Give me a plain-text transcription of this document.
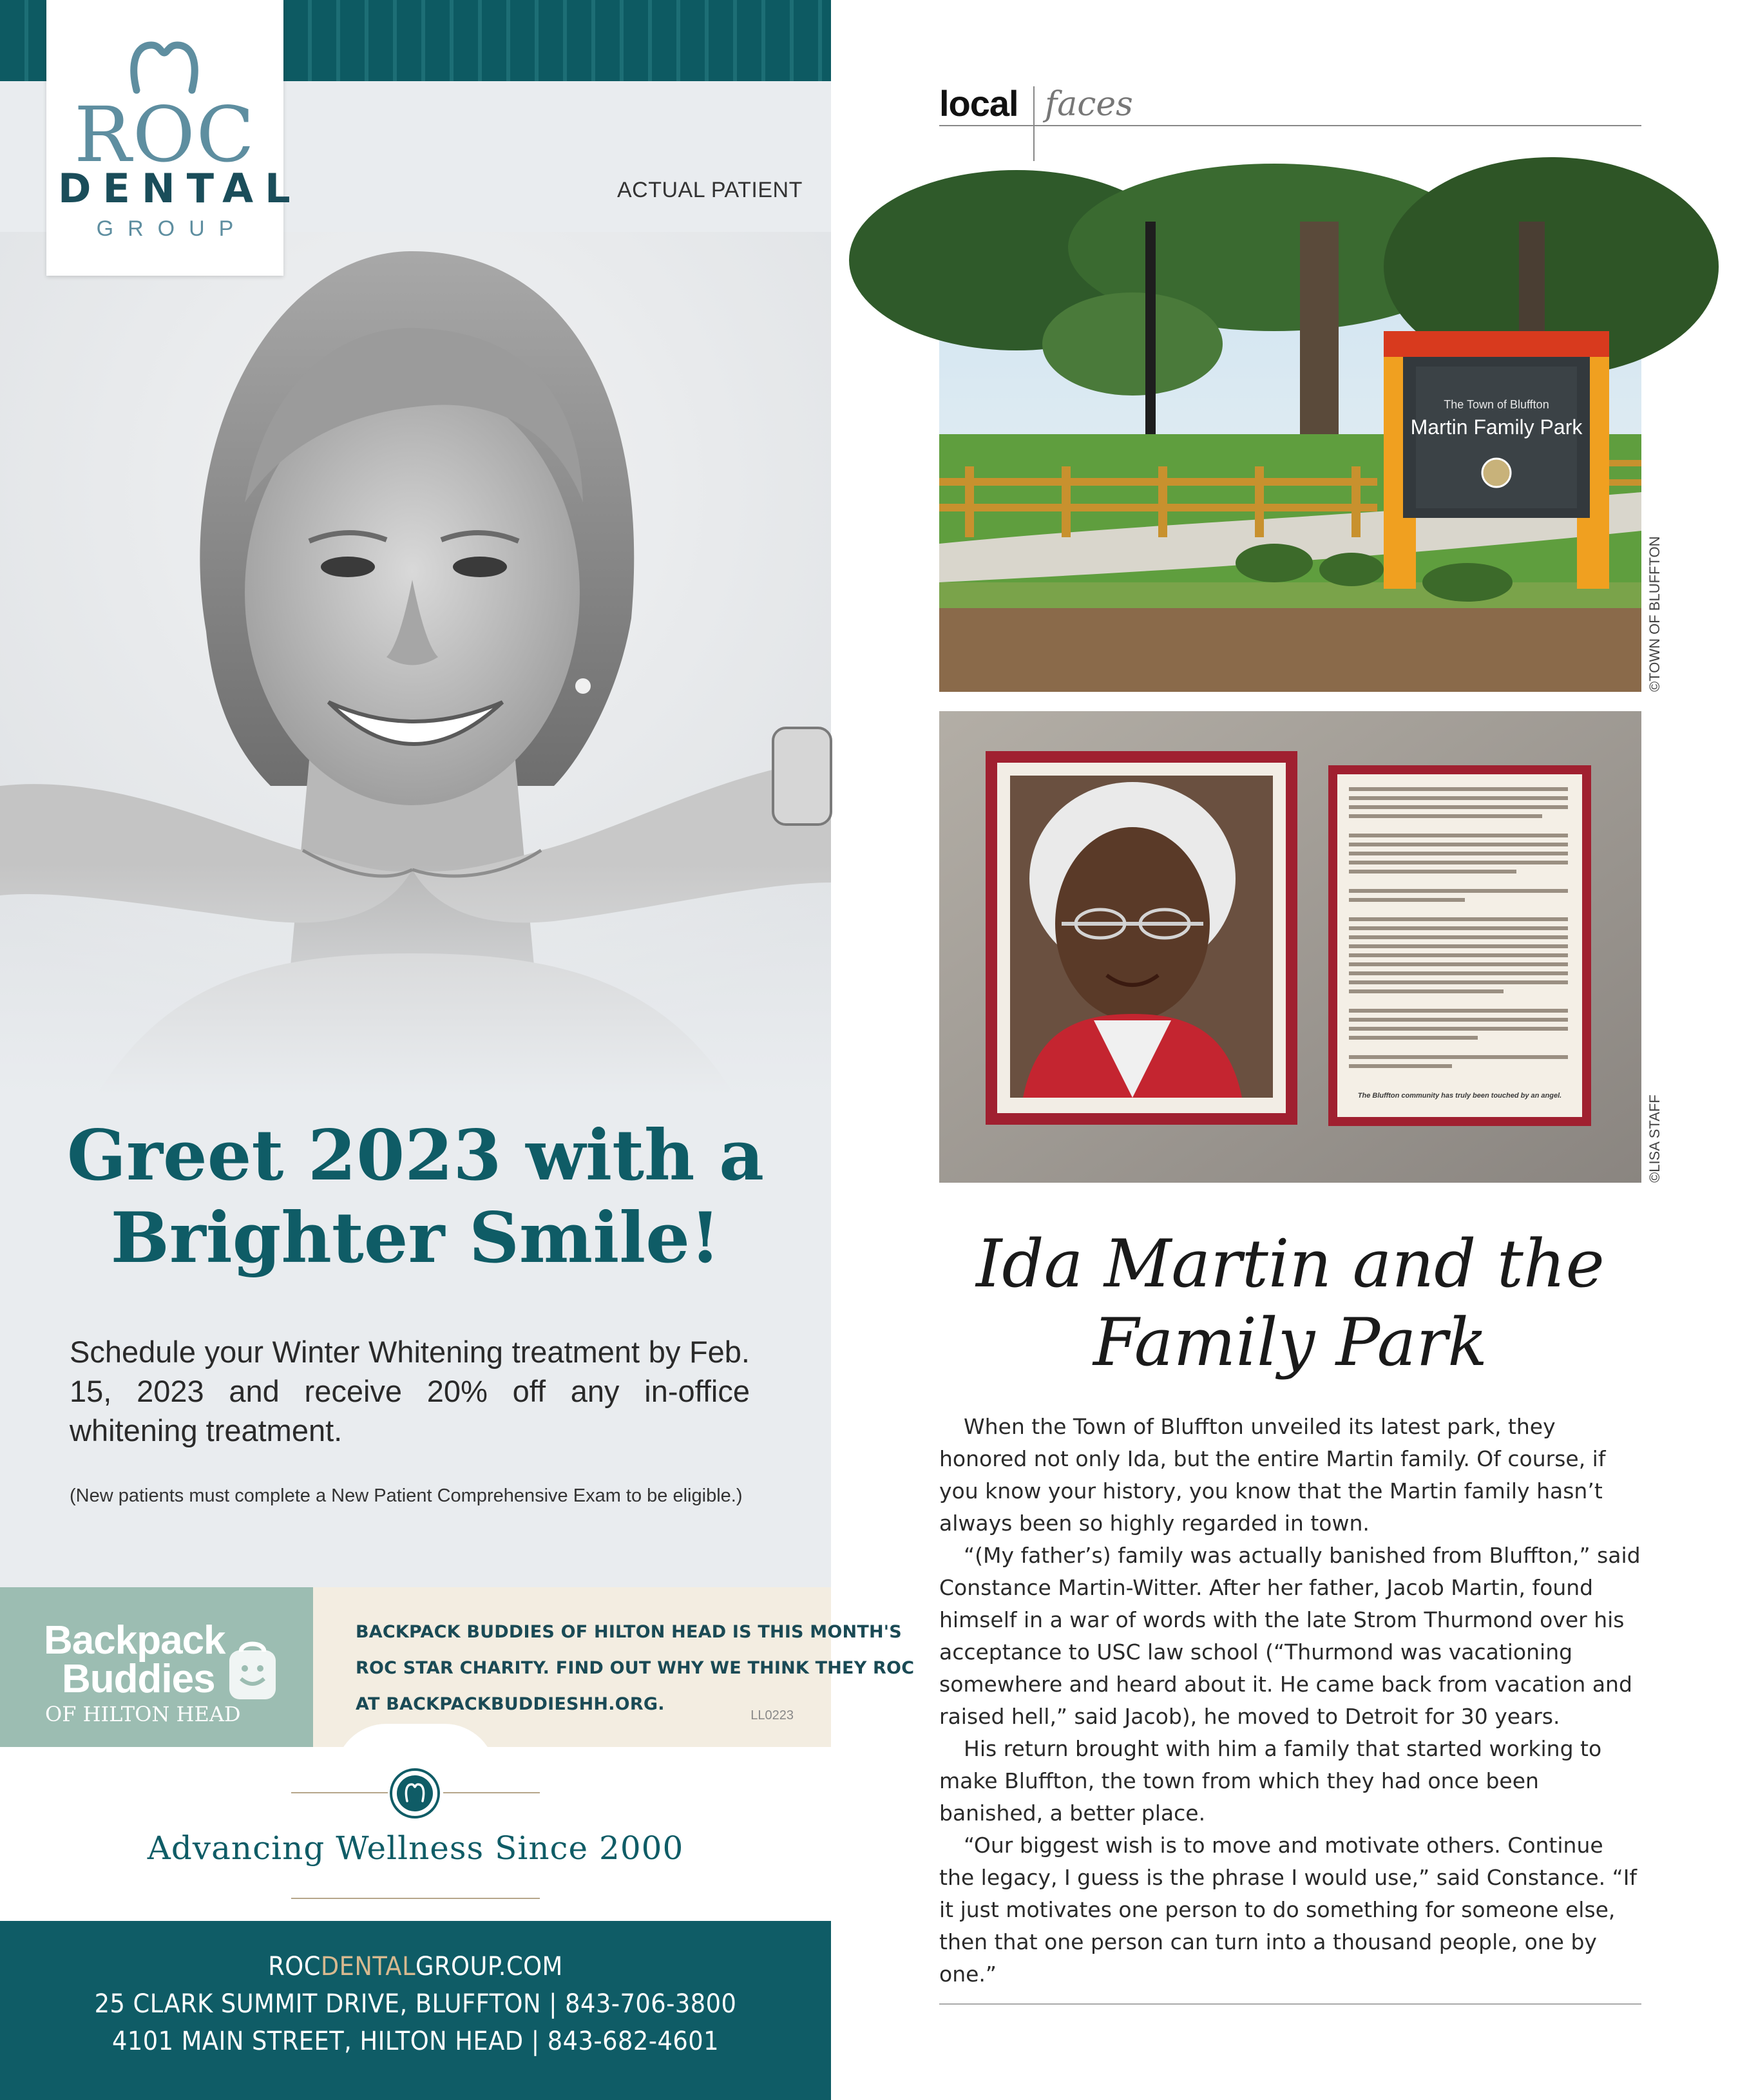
ROC
DENTAL
GROUP
ACTUAL PATIENT
Greet 2023 with a
Brighter Smile!
Schedule your Winter Whitening treatment by Feb. 15, 2023 and receive 20% off any in-office whitening treatment.
(New patients must complete a New Patient Comprehensive Exam to be eligible.)
Backpack
Buddies
OF HILTON HEAD
BACKPACK BUDDIES OF HILTON HEAD IS THIS MONTH'S
ROC STAR CHARITY. FIND OUT WHY WE THINK THEY ROC
AT BACKPACKBUDDIESHH.ORG.
LL0223
Advancing Wellness Since 2000
ROCDENTALGROUP.COM
25 CLARK SUMMIT DRIVE, BLUFFTON | 843-706-3800
4101 MAIN STREET, HILTON HEAD | 843-682-4601
local faces
The Town of Bluffton
Martin Family Park
©TOWN OF BLUFFTON
The Bluffton community has truly been touched by an angel.	©LISA STAFF
Ida Martin and the
Family Park

When the Town of Bluffton unveiled its latest park, they honored not only Ida, but the entire Martin family. Of course, if you know your history, you know that the Martin family hasn’t always been so highly regarded in town.

“(My father’s) family was actually banished from Bluffton,” said Constance Martin-Witter. After her father, Jacob Martin, found himself in a war of words with the late Strom Thurmond over his acceptance to USC law school (“Thurmond was vacationing somewhere and heard about it. He came back from vacation and raised hell,” said Jacob), he moved to Detroit for 30 years.

His return brought with him a family that started working to make Bluffton, the town from which they had once been banished, a better place.

“Our biggest wish is to move and motivate others. Continue the legacy, I guess is the phrase I would use,” said Constance. “If it just motivates one person to do something for someone else, then that one person can turn into a thousand people, one by one.”
